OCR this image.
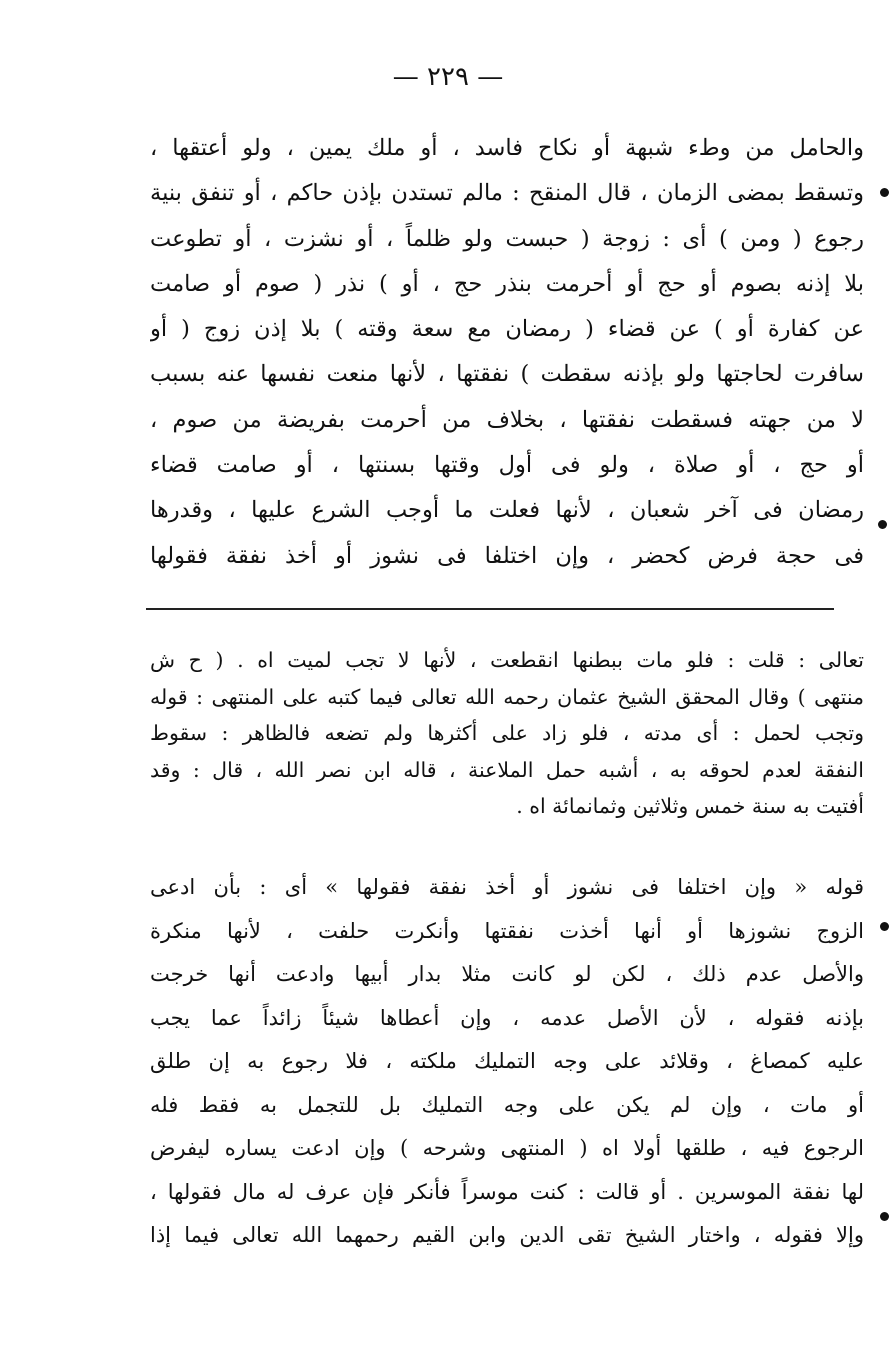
— ٢٢٩ —
والحامل من وطء شبهة أو نكاح فاسد ، أو ملك يمين ، ولو أعتقها ،
وتسقط بمضى الزمان ، قال المنقح : مالم تستدن بإذن حاكم ، أو تنفق بنية
رجوع ( ومن ) أى : زوجة ( حبست ولو ظلماً ، أو نشزت ، أو تطوعت
بلا إذنه بصوم أو حج أو أحرمت بنذر حج ، أو ) نذر ( صوم أو صامت
عن كفارة أو ) عن قضاء ( رمضان مع سعة وقته ) بلا إذن زوج ( أو
سافرت لحاجتها ولو بإذنه سقطت ) نفقتها ، لأنها منعت نفسها عنه بسبب
لا من جهته فسقطت نفقتها ، بخلاف من أحرمت بفريضة من صوم ،
أو حج ، أو صلاة ، ولو فى أول وقتها بسنتها ، أو صامت قضاء
رمضان فى آخر شعبان ، لأنها فعلت ما أوجب الشرع عليها ، وقدرها
فى حجة فرض كحضر ، وإن اختلفا فى نشوز أو أخذ نفقة فقولها
تعالى : قلت : فلو مات ببطنها انقطعت ، لأنها لا تجب لميت اه . ( ح ش
منتهى ) وقال المحقق الشيخ عثمان رحمه الله تعالى فيما كتبه على المنتهى : قوله
وتجب لحمل : أى مدته ، فلو زاد على أكثرها ولم تضعه فالظاهر : سقوط
النفقة لعدم لحوقه به ، أشبه حمل الملاعنة ، قاله ابن نصر الله ، قال : وقد
أفتيت به سنة خمس وثلاثين وثمانمائة اه .
قوله « وإن اختلفا فى نشوز أو أخذ نفقة فقولها » أى : بأن ادعى
الزوج نشوزها أو أنها أخذت نفقتها وأنكرت حلفت ، لأنها منكرة
والأصل عدم ذلك ، لكن لو كانت مثلا بدار أبيها وادعت أنها خرجت
بإذنه فقوله ، لأن الأصل عدمه ، وإن أعطاها شيئاً زائداً عما يجب
عليه كمصاغ ، وقلائد على وجه التمليك ملكته ، فلا رجوع به إن طلق
أو مات ، وإن لم يكن على وجه التمليك بل للتجمل به فقط فله
الرجوع فيه ، طلقها أولا اه ( المنتهى وشرحه ) وإن ادعت يساره ليفرض
لها نفقة الموسرين . أو قالت : كنت موسراً فأنكر فإن عرف له مال فقولها ،
وإلا فقوله ، واختار الشيخ تقى الدين وابن القيم رحمهما الله تعالى فيما إذا
